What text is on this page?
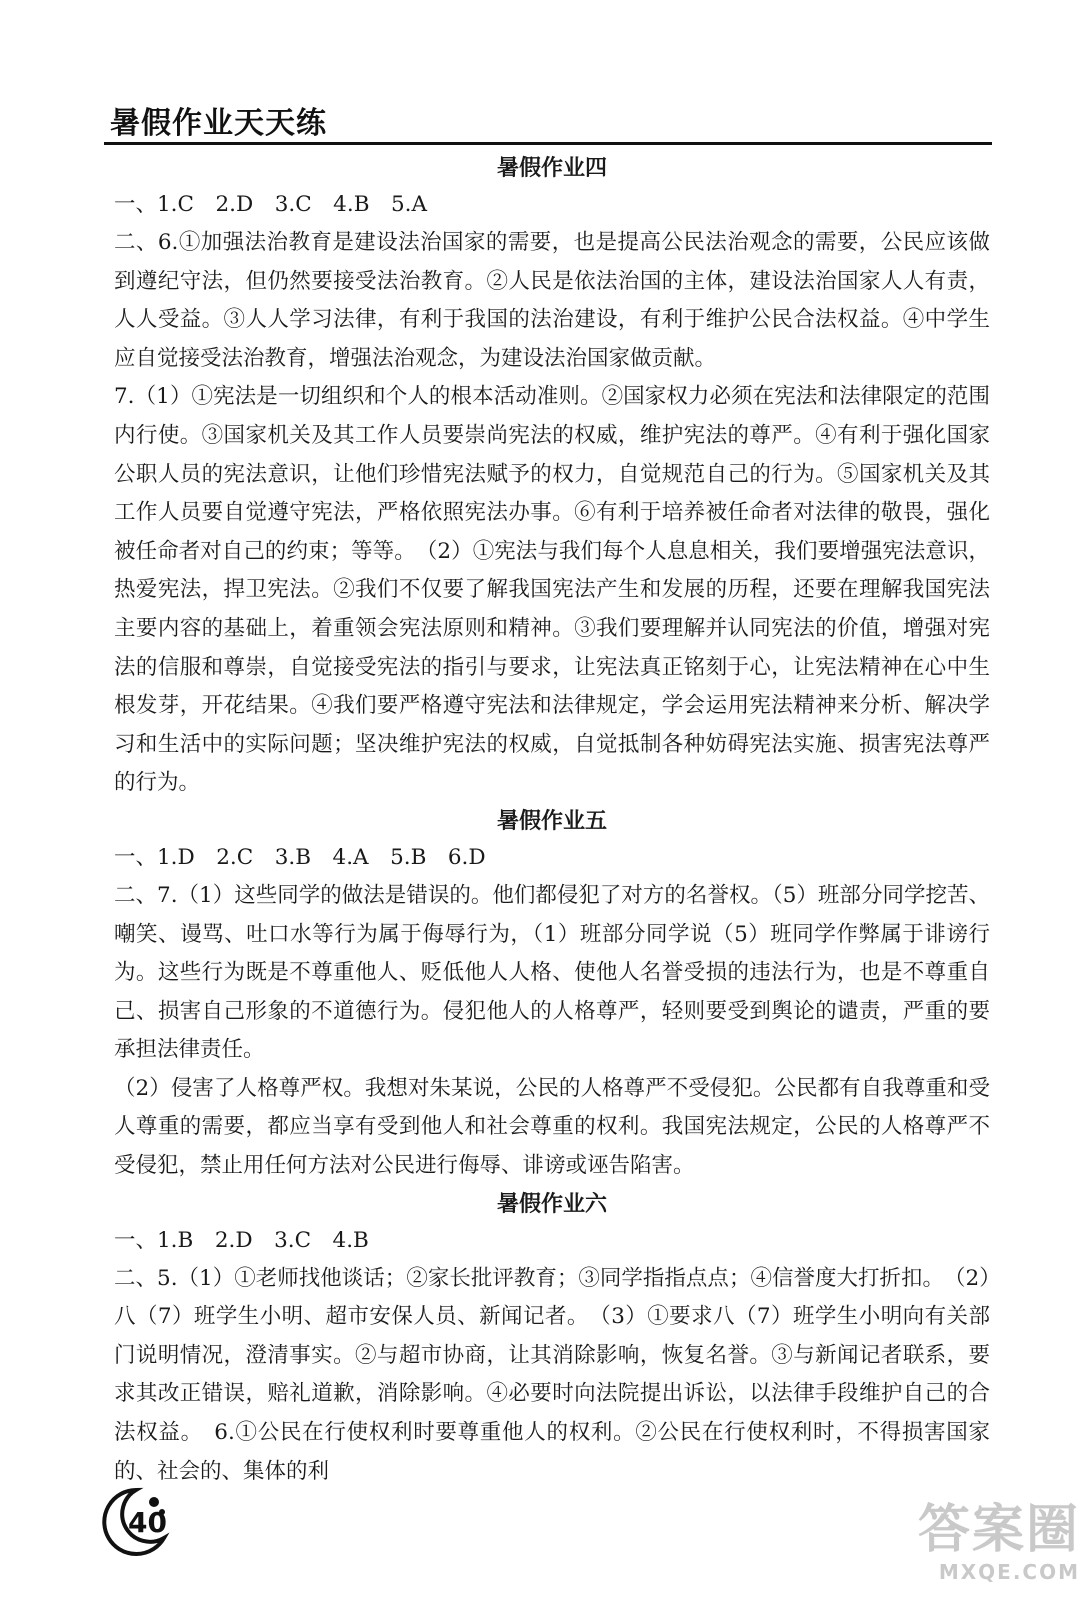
暑假作业天天练
暑假作业四

一、1.C　2.D　3.C　4.B　5.A

二、6.①加强法治教育是建设法治国家的需要，也是提高公民法治观念的需要，公民应该做到遵纪守法，但仍然要接受法治教育。②人民是依法治国的主体，建设法治国家人人有责，人人受益。③人人学习法律，有利于我国的法治建设，有利于维护公民合法权益。④中学生应自觉接受法治教育，增强法治观念，为建设法治国家做贡献。

7.（1）①宪法是一切组织和个人的根本活动准则。②国家权力必须在宪法和法律限定的范围内行使。③国家机关及其工作人员要崇尚宪法的权威，维护宪法的尊严。④有利于强化国家公职人员的宪法意识，让他们珍惜宪法赋予的权力，自觉规范自己的行为。⑤国家机关及其工作人员要自觉遵守宪法，严格依照宪法办事。⑥有利于培养被任命者对法律的敬畏，强化被任命者对自己的约束；等等。　（2）①宪法与我们每个人息息相关，我们要增强宪法意识，热爱宪法，捍卫宪法。②我们不仅要了解我国宪法产生和发展的历程，还要在理解我国宪法主要内容的基础上，着重领会宪法原则和精神。③我们要理解并认同宪法的价值，增强对宪法的信服和尊崇，自觉接受宪法的指引与要求，让宪法真正铭刻于心，让宪法精神在心中生根发芽，开花结果。④我们要严格遵守宪法和法律规定，学会运用宪法精神来分析、解决学习和生活中的实际问题；坚决维护宪法的权威，自觉抵制各种妨碍宪法实施、损害宪法尊严的行为。

暑假作业五

一、1.D　2.C　3.B　4.A　5.B　6.D

二、7.（1）这些同学的做法是错误的。他们都侵犯了对方的名誉权。（5）班部分同学挖苦、嘲笑、谩骂、吐口水等行为属于侮辱行为，（1）班部分同学说（5）班同学作弊属于诽谤行为。这些行为既是不尊重他人、贬低他人人格、使他人名誉受损的违法行为，也是不尊重自己、损害自己形象的不道德行为。侵犯他人的人格尊严，轻则要受到舆论的谴责，严重的要承担法律责任。

（2）侵害了人格尊严权。我想对朱某说，公民的人格尊严不受侵犯。公民都有自我尊重和受人尊重的需要，都应当享有受到他人和社会尊重的权利。我国宪法规定，公民的人格尊严不受侵犯，禁止用任何方法对公民进行侮辱、诽谤或诬告陷害。

暑假作业六

一、1.B　2.D　3.C　4.B

二、5.（1）①老师找他谈话；②家长批评教育；③同学指指点点；④信誉度大打折扣。　（2）八（7）班学生小明、超市安保人员、新闻记者。　（3）①要求八（7）班学生小明向有关部门说明情况，澄清事实。②与超市协商，让其消除影响，恢复名誉。③与新闻记者联系，要求其改正错误，赔礼道歉，消除影响。④必要时向法院提出诉讼，以法律手段维护自己的合法权益。　6.①公民在行使权利时要尊重他人的权利。②公民在行使权利时，不得损害国家的、社会的、集体的利

40	答案圈
MXQE.COM
